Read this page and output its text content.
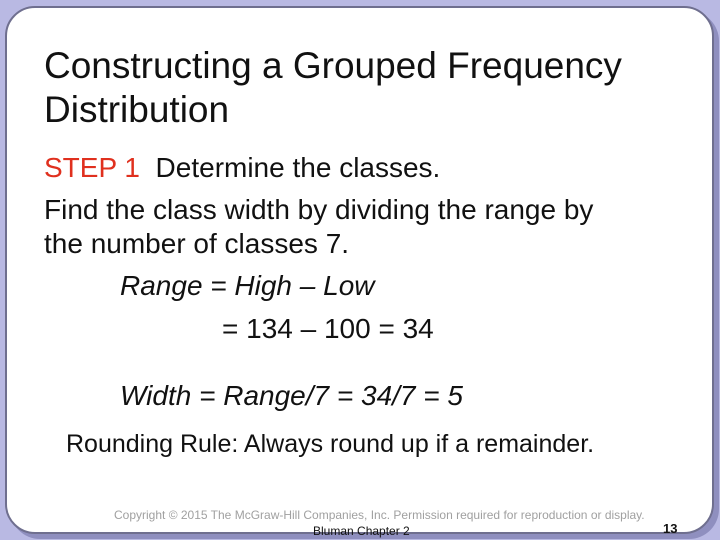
Constructing a Grouped Frequency Distribution
STEP 1 Determine the classes.
Find the class width by dividing the range by
the number of classes 7.
Range = High – Low
= 134 – 100 = 34
Width = Range/7 = 34/7 = 5
Rounding Rule: Always round up if a remainder.
Copyright © 2015 The McGraw-Hill Companies, Inc. Permission required for reproduction or display.
Bluman Chapter 2	13
